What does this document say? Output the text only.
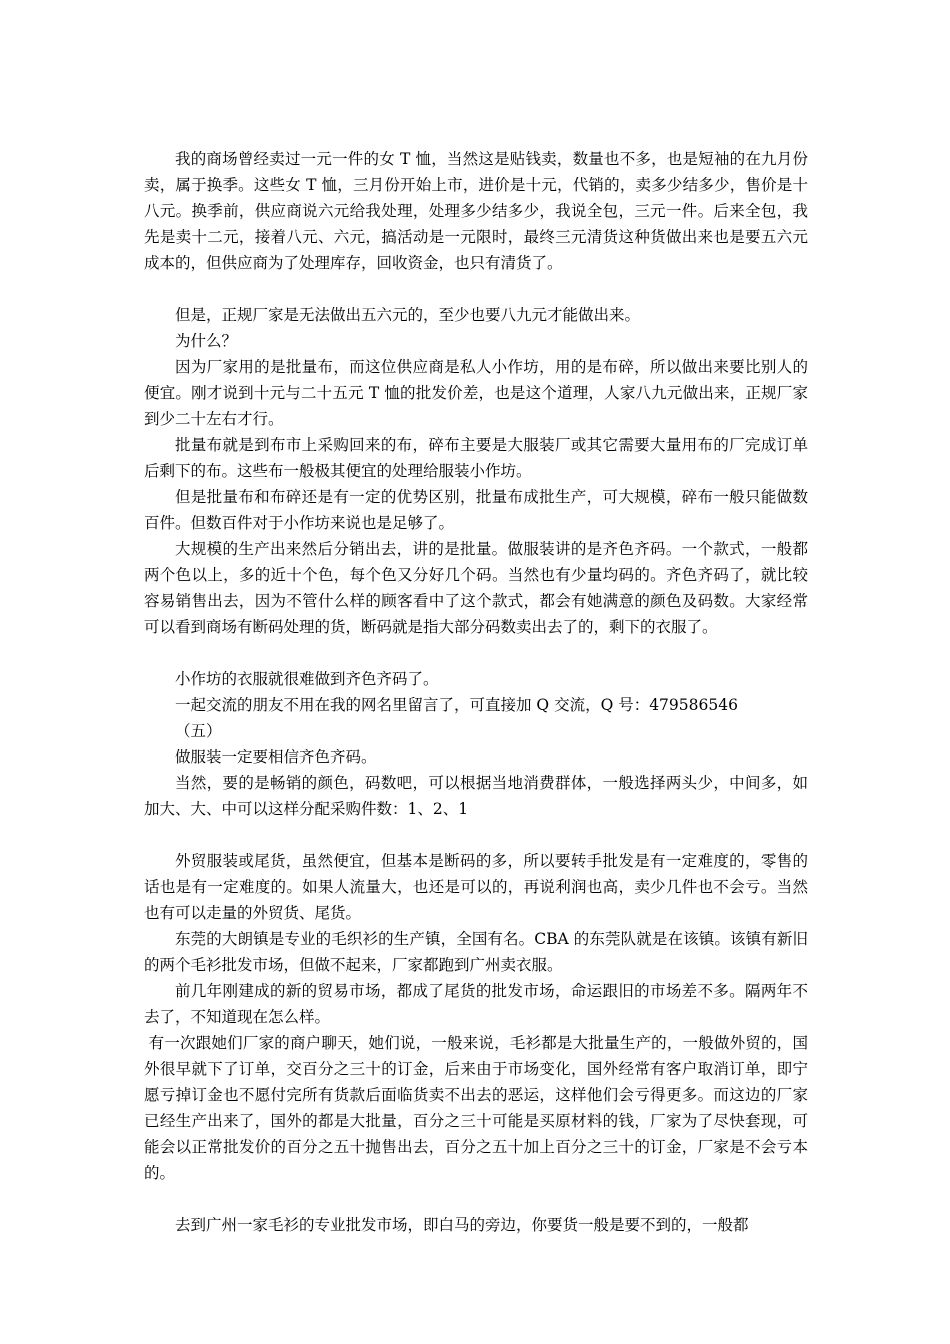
我的商场曾经卖过一元一件的女 T 恤，当然这是贴钱卖，数量也不多，也是短袖的在九月份卖，属于换季。这些女 T 恤，三月份开始上市，进价是十元，代销的，卖多少结多少，售价是十八元。换季前，供应商说六元给我处理，处理多少结多少，我说全包，三元一件。后来全包，我先是卖十二元，接着八元、六元，搞活动是一元限时，最终三元清货这种货做出来也是要五六元成本的，但供应商为了处理库存，回收资金，也只有清货了。

但是，正规厂家是无法做出五六元的，至少也要八九元才能做出来。

为什么？

因为厂家用的是批量布，而这位供应商是私人小作坊，用的是布碎，所以做出来要比别人的便宜。刚才说到十元与二十五元 T 恤的批发价差，也是这个道理，人家八九元做出来，正规厂家到少二十左右才行。

批量布就是到布市上采购回来的布，碎布主要是大服装厂或其它需要大量用布的厂完成订单后剩下的布。这些布一般极其便宜的处理给服装小作坊。

但是批量布和布碎还是有一定的优势区别，批量布成批生产，可大规模，碎布一般只能做数百件。但数百件对于小作坊来说也是足够了。

大规模的生产出来然后分销出去，讲的是批量。做服装讲的是齐色齐码。一个款式，一般都两个色以上，多的近十个色，每个色又分好几个码。当然也有少量均码的。齐色齐码了，就比较容易销售出去，因为不管什么样的顾客看中了这个款式，都会有她满意的颜色及码数。大家经常可以看到商场有断码处理的货，断码就是指大部分码数卖出去了的，剩下的衣服了。

小作坊的衣服就很难做到齐色齐码了。

一起交流的朋友不用在我的网名里留言了，可直接加 Q 交流，Q 号：479586546

（五）

做服装一定要相信齐色齐码。

当然，要的是畅销的颜色，码数吧，可以根据当地消费群体，一般选择两头少，中间多，如加大、大、中可以这样分配采购件数：1、2、1

外贸服装或尾货，虽然便宜，但基本是断码的多，所以要转手批发是有一定难度的，零售的话也是有一定难度的。如果人流量大，也还是可以的，再说利润也高，卖少几件也不会亏。当然也有可以走量的外贸货、尾货。

东莞的大朗镇是专业的毛织衫的生产镇，全国有名。CBA 的东莞队就是在该镇。该镇有新旧的两个毛衫批发市场，但做不起来，厂家都跑到广州卖衣服。

前几年刚建成的新的贸易市场，都成了尾货的批发市场，命运跟旧的市场差不多。隔两年不去了，不知道现在怎么样。

有一次跟她们厂家的商户聊天，她们说，一般来说，毛衫都是大批量生产的，一般做外贸的，国外很早就下了订单，交百分之三十的订金，后来由于市场变化，国外经常有客户取消订单，即宁愿亏掉订金也不愿付完所有货款后面临货卖不出去的恶运，这样他们会亏得更多。而这边的厂家已经生产出来了，国外的都是大批量，百分之三十可能是买原材料的钱，厂家为了尽快套现，可能会以正常批发价的百分之五十抛售出去，百分之五十加上百分之三十的订金，厂家是不会亏本的。

去到广州一家毛衫的专业批发市场，即白马的旁边，你要货一般是要不到的，一般都
